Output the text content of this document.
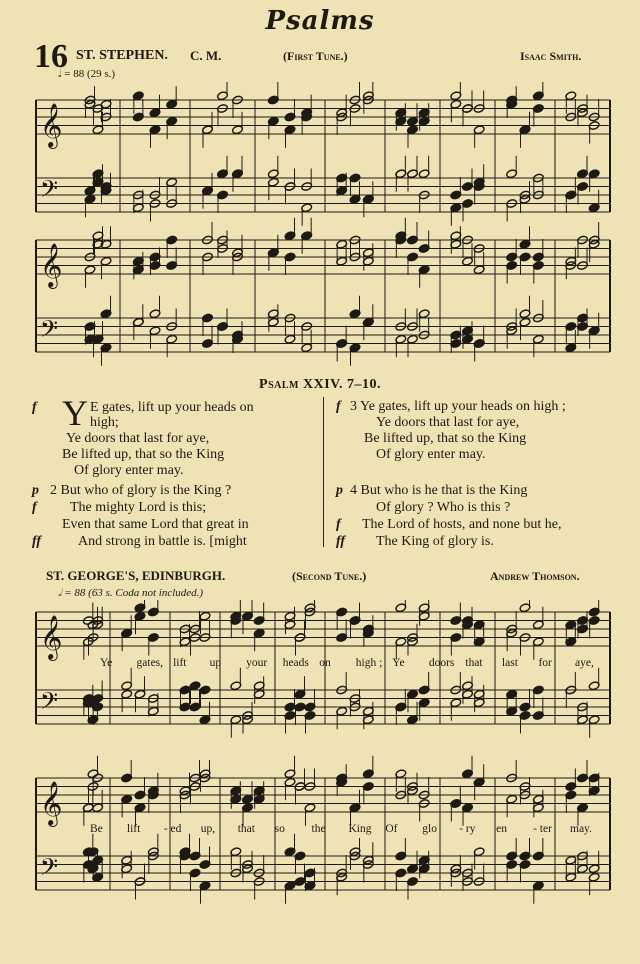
Psalms
16 ST. STEPHEN. C. M.	(First Tune.)	Isaac Smith.
𝅗𝅥 = 88 (29 s.)
𝄞
𝄢
𝄞
𝄢
Psalm XXIV. 7–10.
f Y E gates, lift up your heads on
high;
Ye doors that last for aye,
Be lifted up, that so the King
Of glory enter may.
p 2 But who of glory is the King ?
f The mighty Lord is this;
Even that same Lord that great in
ff	And strong in battle is. [might
f 3 Ye gates, lift up your heads on high ;
Ye doors that last for aye,
Be lifted up, that so the King
Of glory enter may.
p 4 But who is he that is the King
Of glory ? Who is this ?
f The Lord of hosts, and none but he,
ff The King of glory is.
ST. GEORGE'S, EDINBURGH.	(Second Tune.)	Andrew Thomson.
𝅗𝅥 = 88 (63 s. Coda not included.)
𝄞
𝄢
𝄞
𝄢
Ye gates, lift up your heads on high ; Ye doors that last for aye,
Be lift - ed up, that so the King Of glo - ry en - ter may.
